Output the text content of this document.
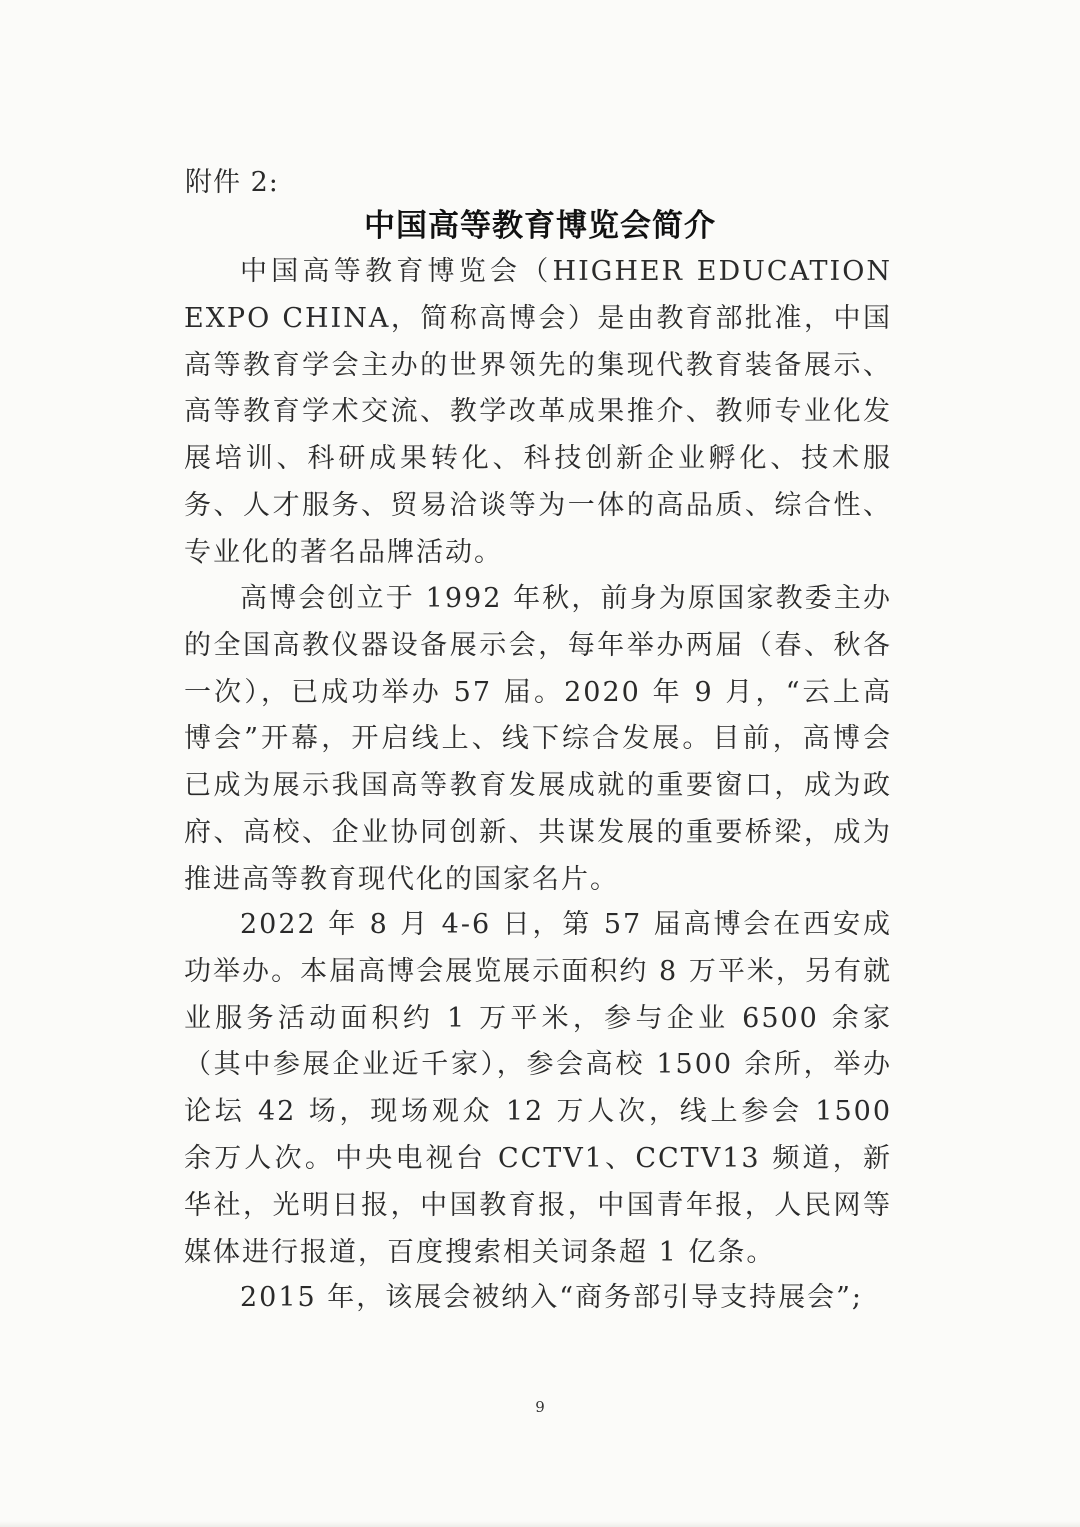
附件 2:
中国高等教育博览会简介

中国高等教育博览会（HIGHER EDUCATION EXPO CHINA，简称高博会）是由教育部批准，中国高等教育学会主办的世界领先的集现代教育装备展示、高等教育学术交流、教学改革成果推介、教师专业化发展培训、科研成果转化、科技创新企业孵化、技术服务、人才服务、贸易洽谈等为一体的高品质、综合性、专业化的著名品牌活动。

高博会创立于 1992 年秋，前身为原国家教委主办的全国高教仪器设备展示会，每年举办两届（春、秋各一次），已成功举办 57 届。2020 年 9 月，“云上高博会”开幕，开启线上、线下综合发展。目前，高博会已成为展示我国高等教育发展成就的重要窗口，成为政府、高校、企业协同创新、共谋发展的重要桥梁，成为推进高等教育现代化的国家名片。

2022 年 8 月 4-6 日，第 57 届高博会在西安成功举办。本届高博会展览展示面积约 8 万平米，另有就业服务活动面积约 1 万平米，参与企业 6500 余家（其中参展企业近千家），参会高校 1500 余所，举办论坛 42 场，现场观众 12 万人次，线上参会 1500 余万人次。中央电视台 CCTV1、CCTV13 频道，新华社，光明日报，中国教育报，中国青年报，人民网等媒体进行报道，百度搜索相关词条超 1 亿条。

2015 年，该展会被纳入“商务部引导支持展会”;

9
